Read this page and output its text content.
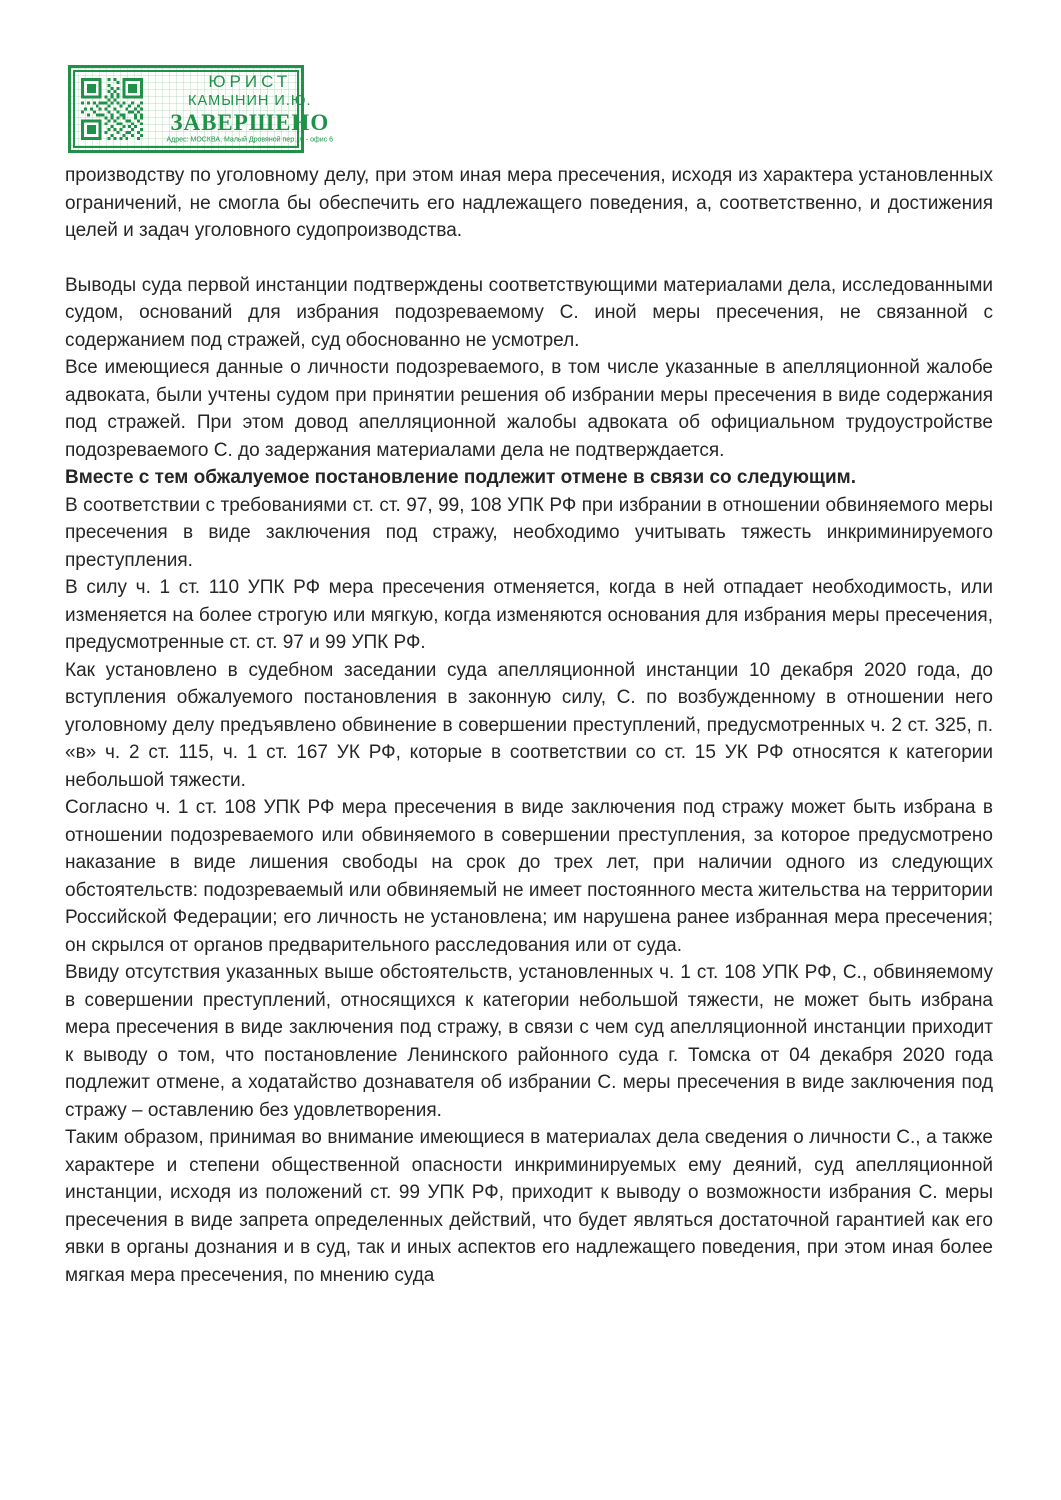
ЮРИСТ
КАМЫНИН И.Ю.
ЗАВЕРШЕНО
Адрес: МОСКВА, Малый Дровяной пер., 6 - офис 6

производству по уголовному делу, при этом иная мера пресечения, исходя из характера установленных ограничений, не смогла бы обеспечить его надлежащего поведения, а, соответственно, и достижения целей и задач уголовного судопроизводства.

Выводы суда первой инстанции подтверждены соответствующими материалами дела, исследованными судом, оснований для избрания подозреваемому С. иной меры пресечения, не связанной с содержанием под стражей, суд обоснованно не усмотрел.

Все имеющиеся данные о личности подозреваемого, в том числе указанные в апелляционной жалобе адвоката, были учтены судом при принятии решения об избрании меры пресечения в виде содержания под стражей. При этом довод апелляционной жалобы адвоката об официальном трудоустройстве подозреваемого С. до задержания материалами дела не подтверждается.

Вместе с тем обжалуемое постановление подлежит отмене в связи со следующим.

В соответствии с требованиями ст. ст. 97, 99, 108 УПК РФ при избрании в отношении обвиняемого меры пресечения в виде заключения под стражу, необходимо учитывать тяжесть инкриминируемого преступления.

В силу ч. 1 ст. 110 УПК РФ мера пресечения отменяется, когда в ней отпадает необходимость, или изменяется на более строгую или мягкую, когда изменяются основания для избрания меры пресечения, предусмотренные ст. ст. 97 и 99 УПК РФ.

Как установлено в судебном заседании суда апелляционной инстанции 10 декабря 2020 года, до вступления обжалуемого постановления в законную силу, С. по возбужденному в отношении него уголовному делу предъявлено обвинение в совершении преступлений, предусмотренных ч. 2 ст. 325, п. «в» ч. 2 ст. 115, ч. 1 ст. 167 УК РФ, которые в соответствии со ст. 15 УК РФ относятся к категории небольшой тяжести.

Согласно ч. 1 ст. 108 УПК РФ мера пресечения в виде заключения под стражу может быть избрана в отношении подозреваемого или обвиняемого в совершении преступления, за которое предусмотрено наказание в виде лишения свободы на срок до трех лет, при наличии одного из следующих обстоятельств: подозреваемый или обвиняемый не имеет постоянного места жительства на территории Российской Федерации; его личность не установлена; им нарушена ранее избранная мера пресечения; он скрылся от органов предварительного расследования или от суда.

Ввиду отсутствия указанных выше обстоятельств, установленных ч. 1 ст. 108 УПК РФ, С., обвиняемому в совершении преступлений, относящихся к категории небольшой тяжести, не может быть избрана мера пресечения в виде заключения под стражу, в связи с чем суд апелляционной инстанции приходит к выводу о том, что постановление Ленинского районного суда г. Томска от 04 декабря 2020 года подлежит отмене, а ходатайство дознавателя об избрании С. меры пресечения в виде заключения под стражу – оставлению без удовлетворения.

Таким образом, принимая во внимание имеющиеся в материалах дела сведения о личности С., а также характере и степени общественной опасности инкриминируемых ему деяний, суд апелляционной инстанции, исходя из положений ст. 99 УПК РФ, приходит к выводу о возможности избрания С. меры пресечения в виде запрета определенных действий, что будет являться достаточной гарантией как его явки в органы дознания и в суд, так и иных аспектов его надлежащего поведения, при этом иная более мягкая мера пресечения, по мнению суда
